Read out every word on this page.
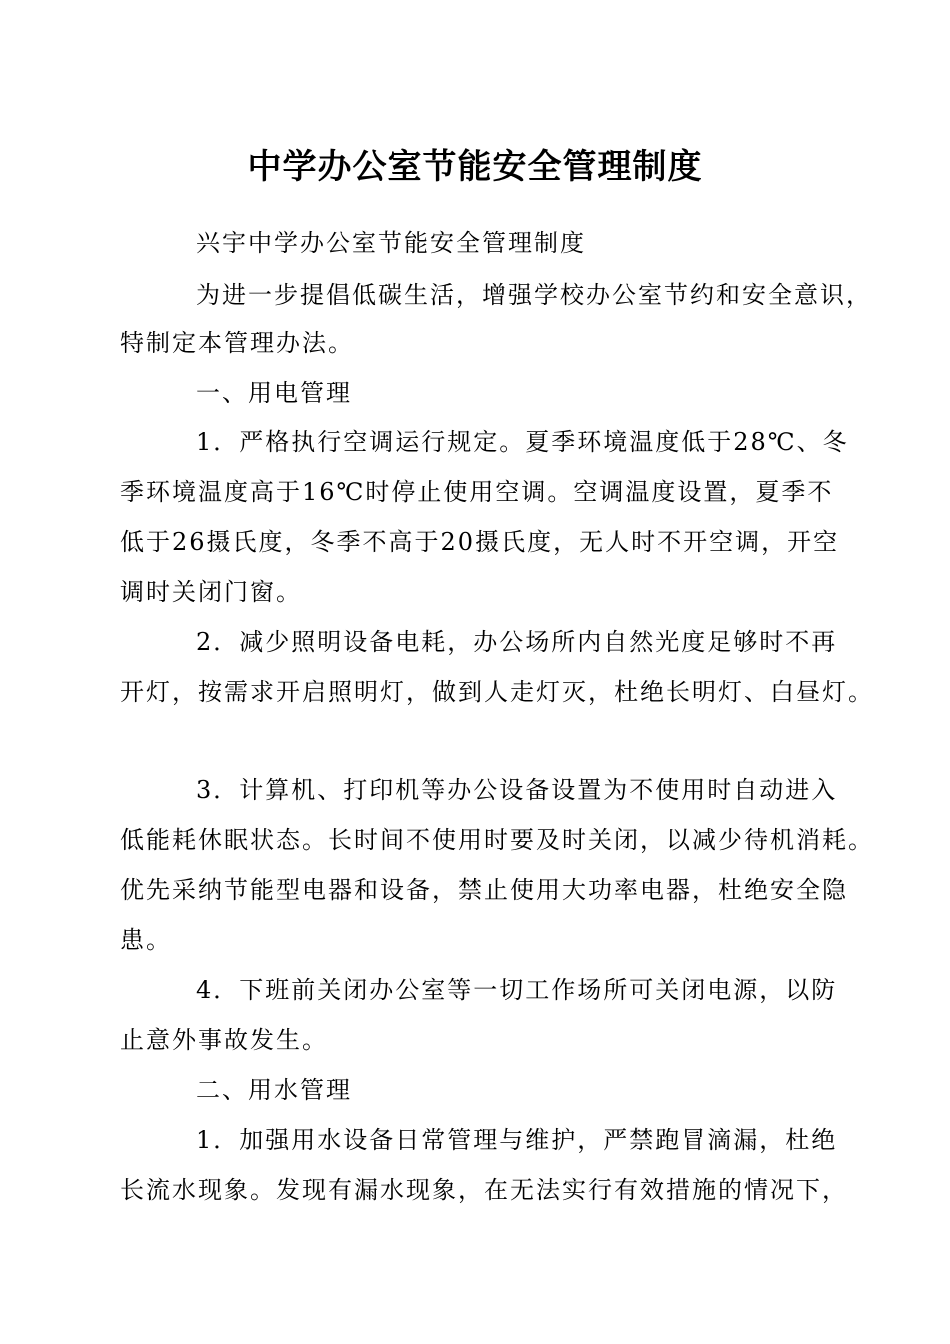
中学办公室节能安全管理制度

兴宇中学办公室节能安全管理制度

为进一步提倡低碳生活，增强学校办公室节约和安全意识，

特制定本管理办法。

一、用电管理

1．严格执行空调运行规定。夏季环境温度低于28℃、冬

季环境温度高于16℃时停止使用空调。空调温度设置，夏季不

低于26摄氏度，冬季不高于20摄氏度，无人时不开空调，开空

调时关闭门窗。

2．减少照明设备电耗，办公场所内自然光度足够时不再

开灯，按需求开启照明灯，做到人走灯灭，杜绝长明灯、白昼灯。

3．计算机、打印机等办公设备设置为不使用时自动进入

低能耗休眠状态。长时间不使用时要及时关闭，以减少待机消耗。

优先采纳节能型电器和设备，禁止使用大功率电器，杜绝安全隐

患。

4．下班前关闭办公室等一切工作场所可关闭电源，以防

止意外事故发生。

二、用水管理

1．加强用水设备日常管理与维护，严禁跑冒滴漏，杜绝

长流水现象。发现有漏水现象，在无法实行有效措施的情况下，
